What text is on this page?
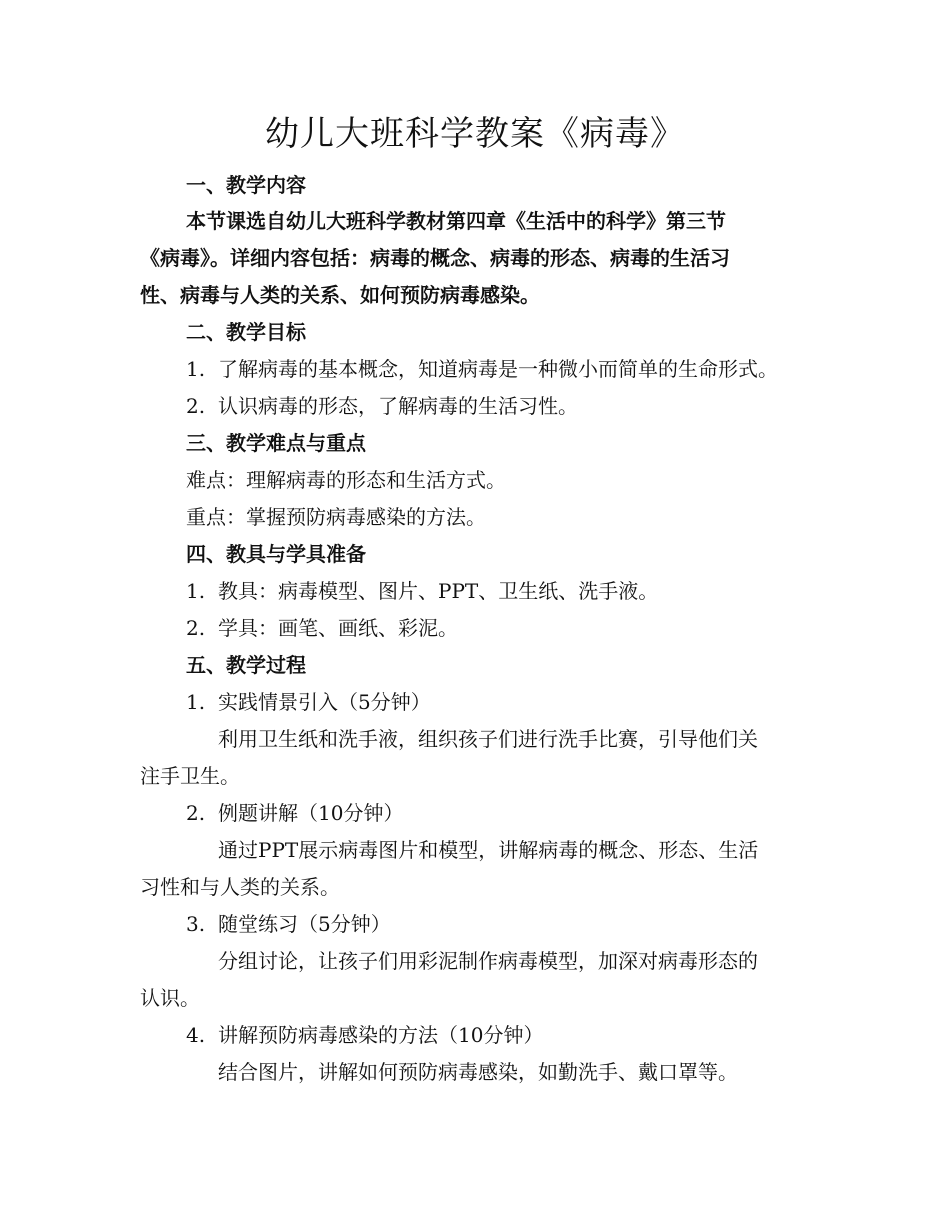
幼儿大班科学教案《病毒》

一、教学内容

本节课选自幼儿大班科学教材第四章《生活中的科学》第三节

《病毒》。详细内容包括：病毒的概念、病毒的形态、病毒的生活习

性、病毒与人类的关系、如何预防病毒感染。

二、教学目标

1. 了解病毒的基本概念，知道病毒是一种微小而简单的生命形式。

2. 认识病毒的形态，了解病毒的生活习性。

三、教学难点与重点

难点：理解病毒的形态和生活方式。

重点：掌握预防病毒感染的方法。

四、教具与学具准备

1. 教具：病毒模型、图片、PPT、卫生纸、洗手液。

2. 学具：画笔、画纸、彩泥。

五、教学过程

1. 实践情景引入（5分钟）

利用卫生纸和洗手液，组织孩子们进行洗手比赛，引导他们关

注手卫生。

2. 例题讲解（10分钟）

通过PPT展示病毒图片和模型，讲解病毒的概念、形态、生活

习性和与人类的关系。

3. 随堂练习（5分钟）

分组讨论，让孩子们用彩泥制作病毒模型，加深对病毒形态的

认识。

4. 讲解预防病毒感染的方法（10分钟）

结合图片，讲解如何预防病毒感染，如勤洗手、戴口罩等。
